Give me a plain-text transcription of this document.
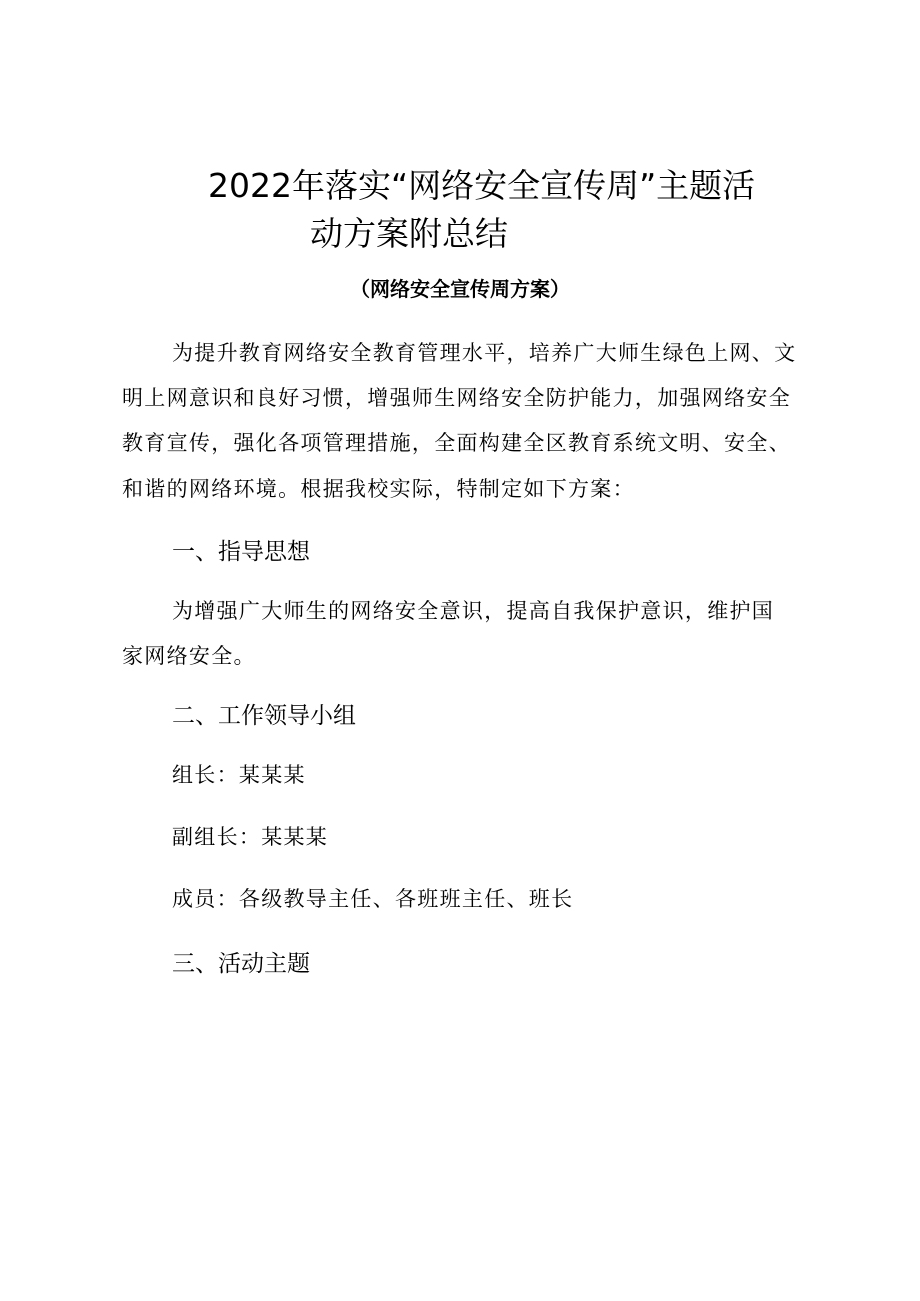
2022年落实“网络安全宣传周”主题活
动方案附总结
（网络安全宣传周方案）
为提升教育网络安全教育管理水平，培养广大师生绿色上网、文
明上网意识和良好习惯，增强师生网络安全防护能力，加强网络安全
教育宣传，强化各项管理措施，全面构建全区教育系统文明、安全、
和谐的网络环境。根据我校实际，特制定如下方案：
一、指导思想
为增强广大师生的网络安全意识，提高自我保护意识，维护国
家网络安全。
二、工作领导小组
组长：某某某
副组长：某某某
成员：各级教导主任、各班班主任、班长
三、活动主题
